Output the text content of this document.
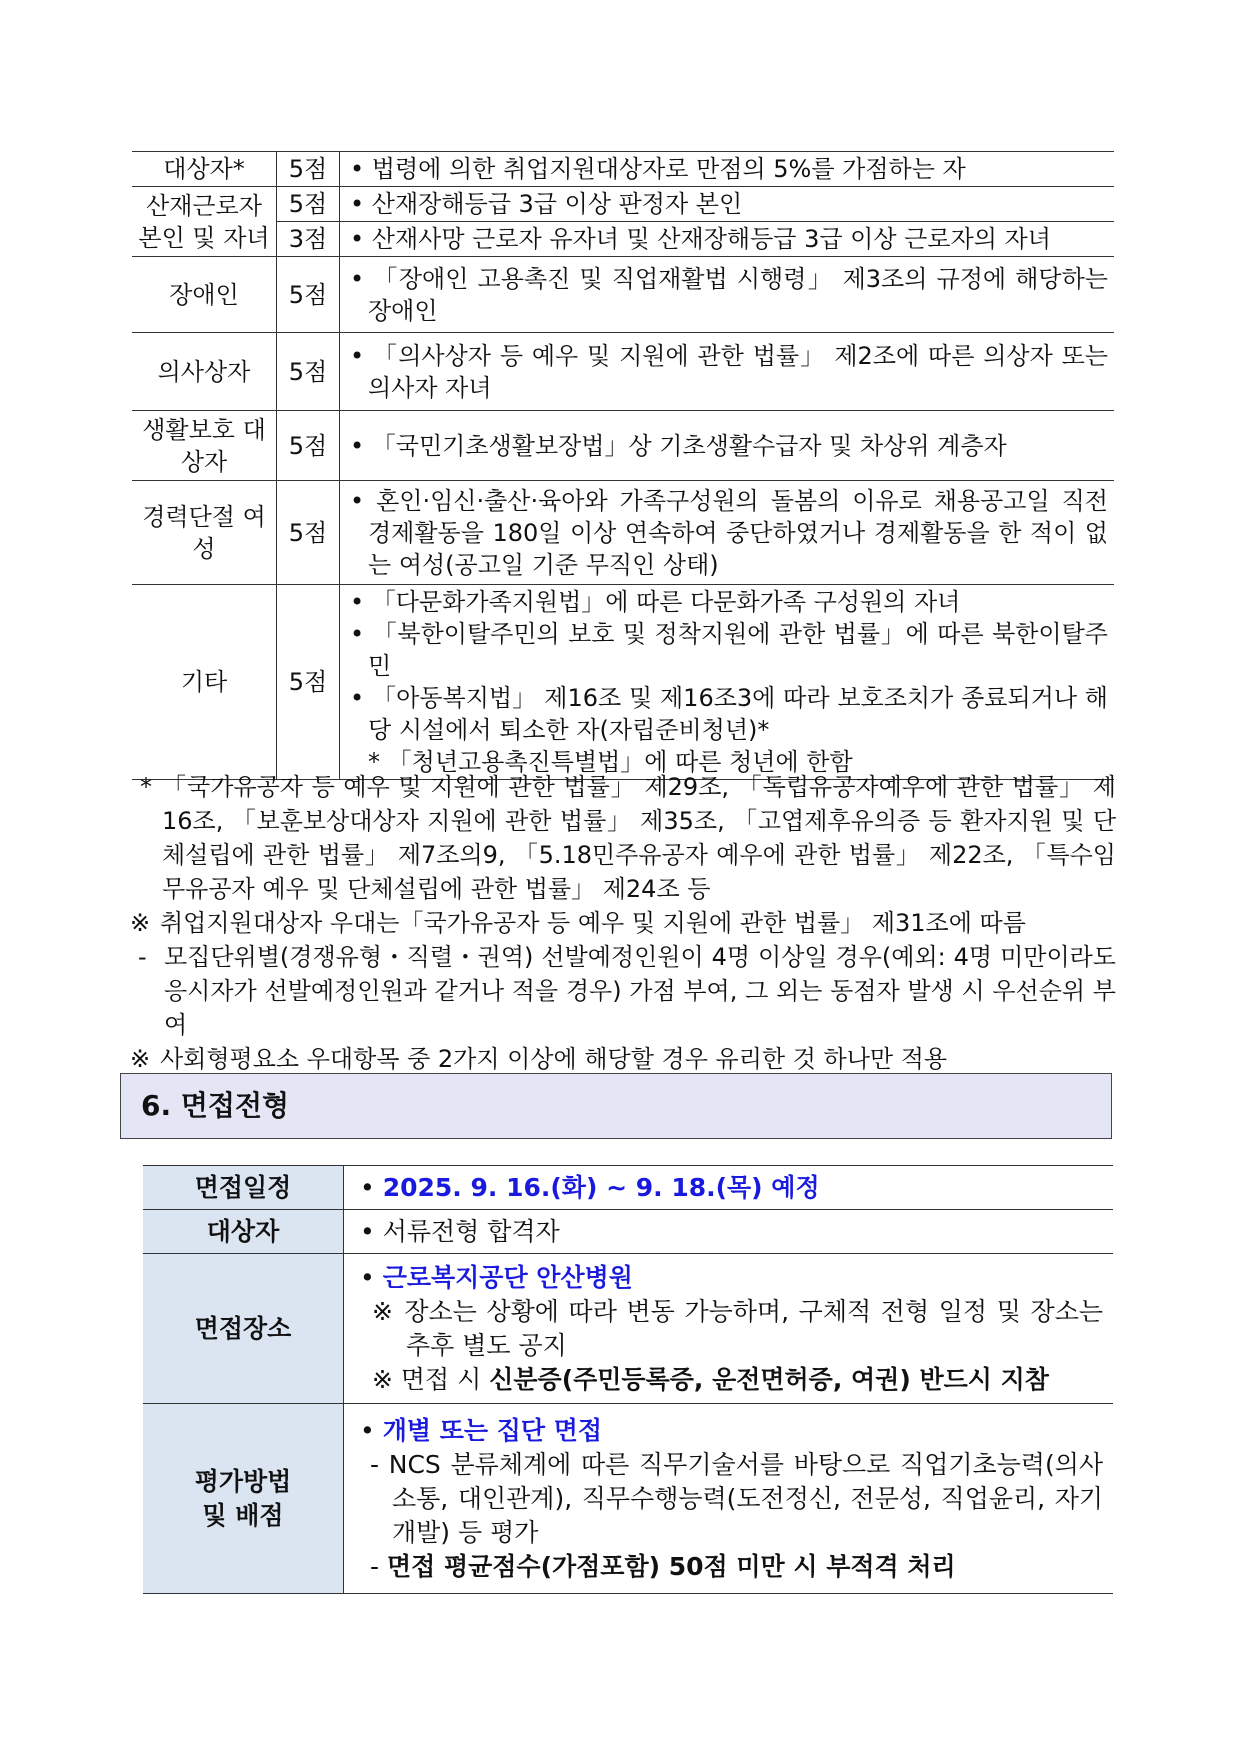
대상자*	5점	• 법령에 의한 취업지원대상자로 만점의 5%를 가점하는 자

산재근로자 본인 및 자녀	5점	• 산재장해등급 3급 이상 판정자 본인

	3점	• 산재사망 근로자 유자녀 및 산재장해등급 3급 이상 근로자의 자녀

장애인	5점	• 「장애인 고용촉진 및 직업재활법 시행령」 제3조의 규정에 해당하는 장애인

의사상자	5점	• 「의사상자 등 예우 및 지원에 관한 법률」 제2조에 따른 의상자 또는 의사자 자녀

생활보호 대상자	5점	• 「국민기초생활보장법」상 기초생활수급자 및 차상위 계층자

경력단절 여성	5점	• 혼인·임신·출산·육아와 가족구성원의 돌봄의 이유로 채용공고일 직전 경제활동을 180일 이상 연속하여 중단하였거나 경제활동을 한 적이 없는 여성(공고일 기준 무직인 상태)

기타	5점	• 「다문화가족지원법」에 따른 다문화가족 구성원의 자녀
• 「북한이탈주민의 보호 및 정착지원에 관한 법률」에 따른 북한이탈주민
• 「아동복지법」 제16조 및 제16조3에 따라 보호조치가 종료되거나 해당 시설에서 퇴소한 자(자립준비청년)*
* 「청년고용촉진특별법」에 따른 청년에 한함
* 「국가유공자 등 예우 및 지원에 관한 법률」 제29조, 「독립유공자예우에 관한 법률」 제16조, 「보훈보상대상자 지원에 관한 법률」 제35조, 「고엽제후유의증 등 환자지원 및 단체설립에 관한 법률」 제7조의9, 「5.18민주유공자 예우에 관한 법률」 제22조, 「특수임무유공자 예우 및 단체설립에 관한 법률」 제24조 등
※ 취업지원대상자 우대는「국가유공자 등 예우 및 지원에 관한 법률」 제31조에 따름
- 모집단위별(경쟁유형・직렬・권역) 선발예정인원이 4명 이상일 경우(예외: 4명 미만이라도 응시자가 선발예정인원과 같거나 적을 경우) 가점 부여, 그 외는 동점자 발생 시 우선순위 부여
※ 사회형평요소 우대항목 중 2가지 이상에 해당할 경우 유리한 것 하나만 적용
6. 면접전형
면접일정	• 2025. 9. 16.(화) ~ 9. 18.(목) 예정

대상자	• 서류전형 합격자

면접장소	• 근로복지공단 안산병원
※ 장소는 상황에 따라 변동 가능하며, 구체적 전형 일정 및 장소는 추후 별도 공지
※ 면접 시 신분증(주민등록증, 운전면허증, 여권) 반드시 지참

평가방법
및 배점	• 개별 또는 집단 면접
- NCS 분류체계에 따른 직무기술서를 바탕으로 직업기초능력(의사소통, 대인관계), 직무수행능력(도전정신, 전문성, 직업윤리, 자기개발) 등 평가
- 면접 평균점수(가점포함) 50점 미만 시 부적격 처리
